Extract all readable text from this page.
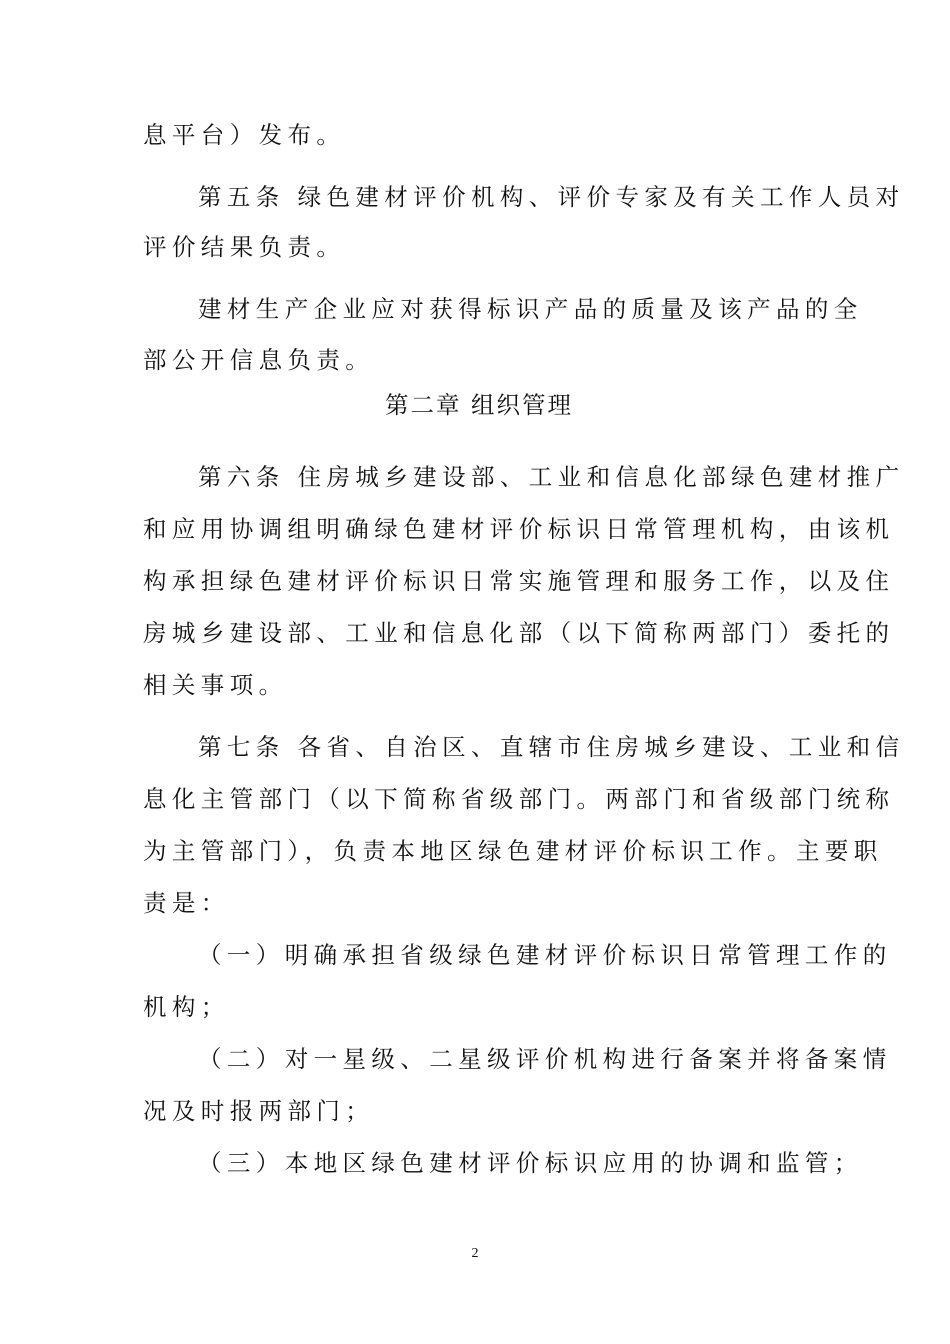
息平台）发布。
第五条 绿色建材评价机构、评价专家及有关工作人员对
评价结果负责。
建材生产企业应对获得标识产品的质量及该产品的全
部公开信息负责。
第二章 组织管理
第六条 住房城乡建设部、工业和信息化部绿色建材推广
和应用协调组明确绿色建材评价标识日常管理机构，由该机
构承担绿色建材评价标识日常实施管理和服务工作，以及住
房城乡建设部、工业和信息化部（以下简称两部门）委托的
相关事项。
第七条 各省、自治区、直辖市住房城乡建设、工业和信
息化主管部门（以下简称省级部门。两部门和省级部门统称
为主管部门），负责本地区绿色建材评价标识工作。主要职
责是：
（一）明确承担省级绿色建材评价标识日常管理工作的
机构；
（二）对一星级、二星级评价机构进行备案并将备案情
况及时报两部门；
（三）本地区绿色建材评价标识应用的协调和监管；
2
